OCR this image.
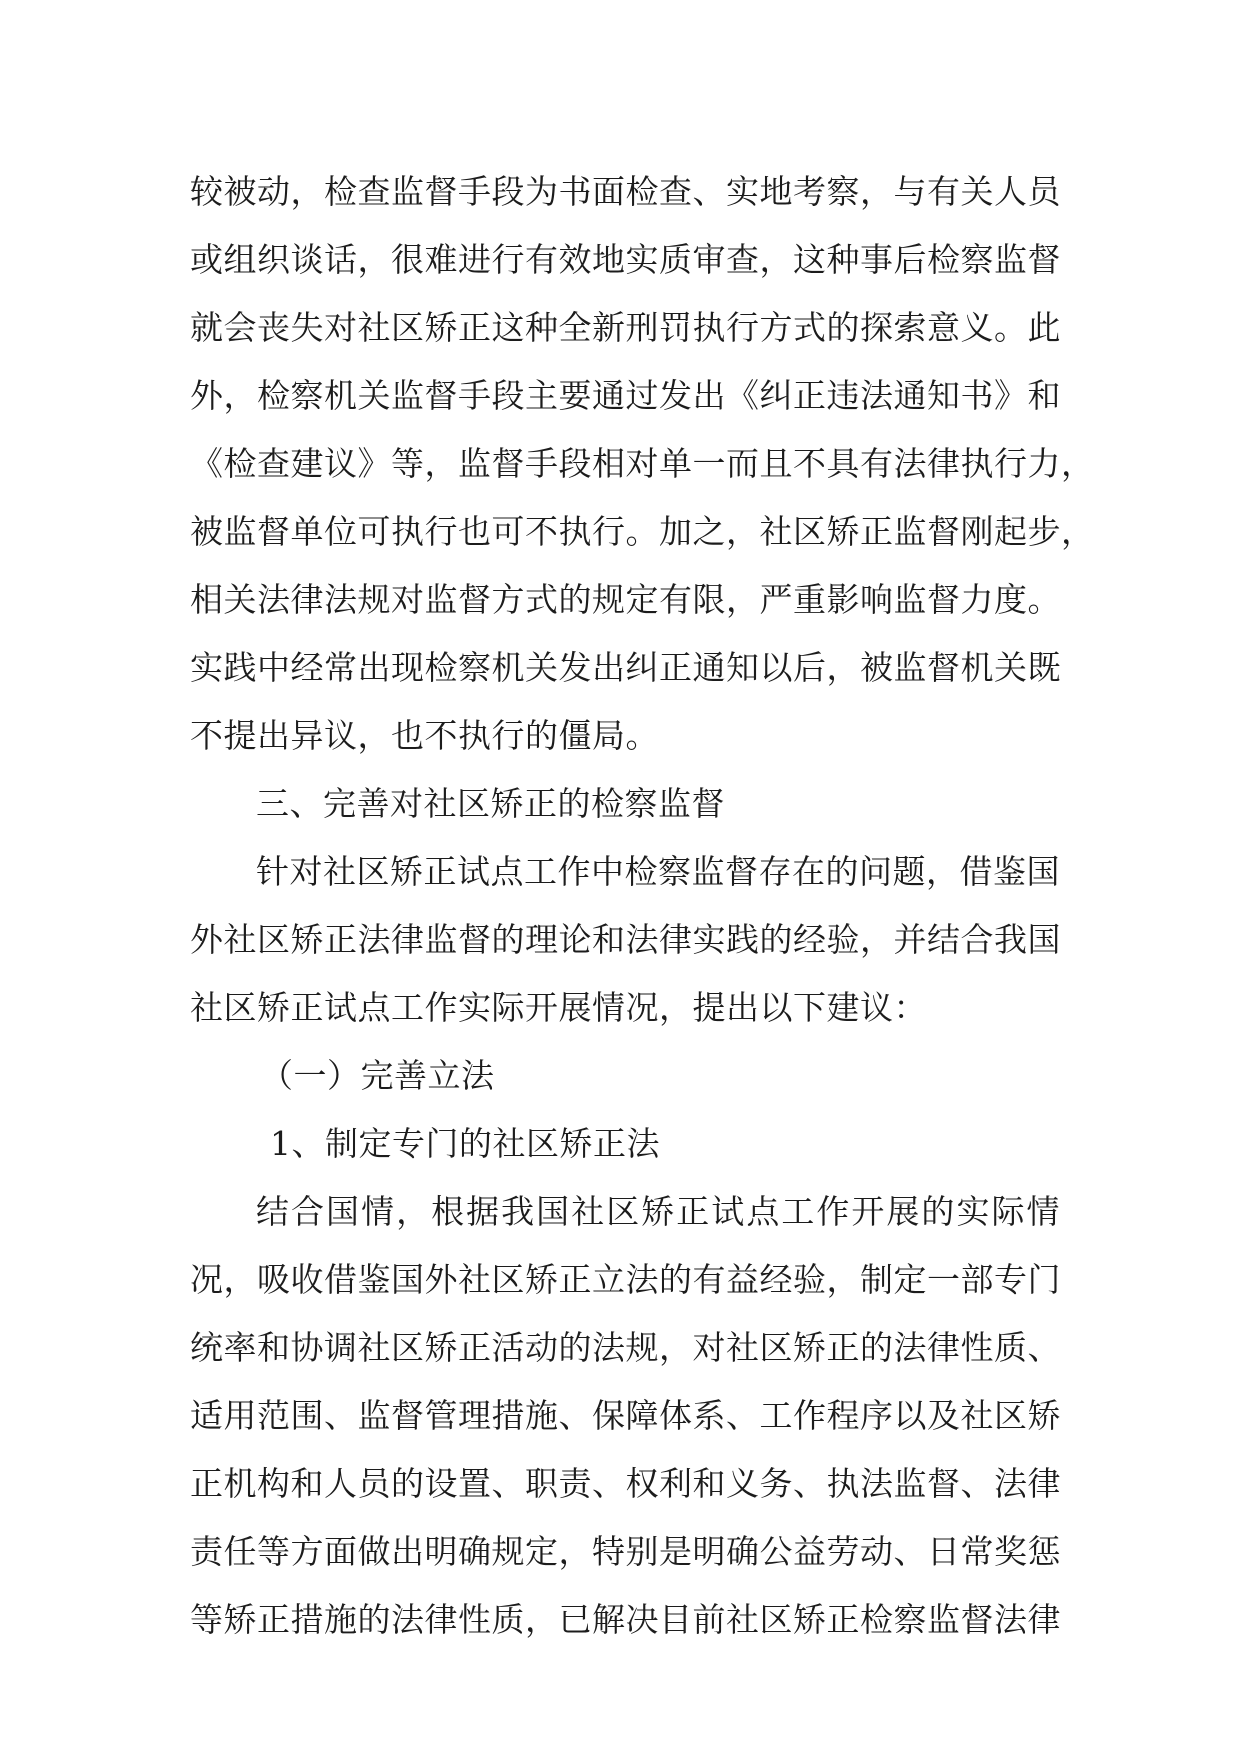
较被动，检查监督手段为书面检查、实地考察，与有关人员
或组织谈话，很难进行有效地实质审查，这种事后检察监督
就会丧失对社区矫正这种全新刑罚执行方式的探索意义。此
外，检察机关监督手段主要通过发出《纠正违法通知书》和
《检查建议》等，监督手段相对单一而且不具有法律执行力，
被监督单位可执行也可不执行。加之，社区矫正监督刚起步，
相关法律法规对监督方式的规定有限，严重影响监督力度。
实践中经常出现检察机关发出纠正通知以后，被监督机关既
不提出异议，也不执行的僵局。
三、完善对社区矫正的检察监督
针对社区矫正试点工作中检察监督存在的问题，借鉴国
外社区矫正法律监督的理论和法律实践的经验，并结合我国
社区矫正试点工作实际开展情况，提出以下建议：
（一）完善立法
1、制定专门的社区矫正法
结合国情，根据我国社区矫正试点工作开展的实际情
况，吸收借鉴国外社区矫正立法的有益经验，制定一部专门
统率和协调社区矫正活动的法规，对社区矫正的法律性质、
适用范围、监督管理措施、保障体系、工作程序以及社区矫
正机构和人员的设置、职责、权利和义务、执法监督、法律
责任等方面做出明确规定，特别是明确公益劳动、日常奖惩
等矫正措施的法律性质，已解决目前社区矫正检察监督法律
